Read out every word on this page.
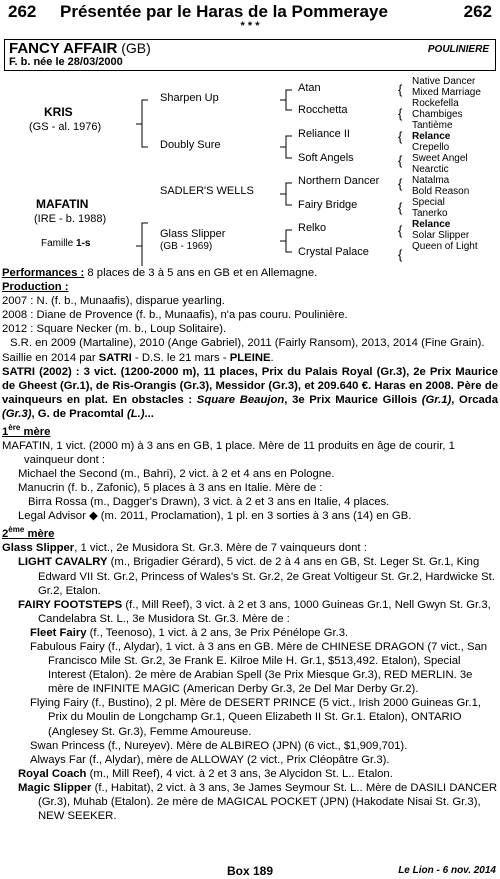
262 Présentée par le Haras de la Pommeraye	262
* * *
FANCY AFFAIR (GB)	POULINIERE
F. b. née le 28/03/2000
KRIS
(GS - al. 1976)
MAFATIN
(IRE - b. 1988)
Famille 1-s
Sharpen Up
Doubly Sure
SADLER'S WELLS
Glass Slipper
(GB - 1969)
Atan
Rocchetta
Reliance II
Soft Angels
Northern Dancer
Fairy Bridge
Relko
Crystal Palace
{
{
{
{
{
{
{
{
Native Dancer
Mixed Marriage
Rockefella
Chambiges
Tantième
Relance
Crepello
Sweet Angel
Nearctic
Natalma
Bold Reason
Special
Tanerko
Relance
Solar Slipper
Queen of Light

Performances : 8 places de 3 à 5 ans en GB et en Allemagne.

Production :

2007 : N. (f. b., Munaafis), disparue yearling.

2008 : Diane de Provence (f. b., Munaafis), n'a pas couru. Poulinière.

2012 : Square Necker (m. b., Loup Solitaire).

S.R. en 2009 (Martaline), 2010 (Ange Gabriel), 2011 (Fairly Ransom), 2013, 2014 (Fine Grain).

Saillie en 2014 par SATRI - D.S. le 21 mars - PLEINE.

SATRI (2002) : 3 vict. (1200-2000 m), 11 places, Prix du Palais Royal (Gr.3), 2e Prix Maurice de Gheest (Gr.1), de Ris-Orangis (Gr.3), Messidor (Gr.3), et 209.640 €. Haras en 2008. Père de vainqueurs en plat. En obstacles : Square Beaujon, 3e Prix Maurice Gillois (Gr.1), Orcada (Gr.3), G. de Pracomtal (L.)...

1ère mère

MAFATIN, 1 vict. (2000 m) à 3 ans en GB, 1 place. Mère de 11 produits en âge de courir, 1 vainqueur dont :

Michael the Second (m., Bahri), 2 vict. à 2 et 4 ans en Pologne.

Manucrin (f. b., Zafonic), 5 places à 3 ans en Italie. Mère de :

Birra Rossa (m., Dagger's Drawn), 3 vict. à 2 et 3 ans en Italie, 4 places.

Legal Advisor ◆ (m. 2011, Proclamation), 1 pl. en 3 sorties à 3 ans (14) en GB.

2ème mère

Glass Slipper, 1 vict., 2e Musidora St. Gr.3. Mère de 7 vainqueurs dont :

LIGHT CAVALRY (m., Brigadier Gérard), 5 vict. de 2 à 4 ans en GB, St. Leger St. Gr.1, King Edward VII St. Gr.2, Princess of Wales's St. Gr.2, 2e Great Voltigeur St. Gr.2, Hardwicke St. Gr.2, Etalon.

FAIRY FOOTSTEPS (f., Mill Reef), 3 vict. à 2 et 3 ans, 1000 Guineas Gr.1, Nell Gwyn St. Gr.3, Candelabra St. L., 3e Musidora St. Gr.3. Mère de :

Fleet Fairy (f., Teenoso), 1 vict. à 2 ans, 3e Prix Pénélope Gr.3.

Fabulous Fairy (f., Alydar), 1 vict. à 3 ans en GB. Mère de CHINESE DRAGON (7 vict., San Francisco Mile St. Gr.2, 3e Frank E. Kilroe Mile H. Gr.1, $513,492. Etalon), Special Interest (Etalon). 2e mère de Arabian Spell (3e Prix Miesque Gr.3), RED MERLIN. 3e mère de INFINITE MAGIC (American Derby Gr.3, 2e Del Mar Derby Gr.2).

Flying Fairy (f., Bustino), 2 pl. Mère de DESERT PRINCE (5 vict., Irish 2000 Guineas Gr.1, Prix du Moulin de Longchamp Gr.1, Queen Elizabeth II St. Gr.1. Etalon), ONTARIO (Anglesey St. Gr.3), Femme Amoureuse.

Swan Princess (f., Nureyev). Mère de ALBIREO (JPN) (6 vict., $1,909,701).

Always Far (f., Alydar), mère de ALLOWAY (2 vict., Prix Cléopâtre Gr.3).

Royal Coach (m., Mill Reef), 4 vict. à 2 et 3 ans, 3e Alycidon St. L.. Etalon.

Magic Slipper (f., Habitat), 2 vict. à 3 ans, 3e James Seymour St. L.. Mère de DASILI DANCER (Gr.3), Muhab (Etalon). 2e mère de MAGICAL POCKET (JPN) (Hakodate Nisai St. Gr.3), NEW SEEKER.

Box 189	Le Lion - 6 nov. 2014
